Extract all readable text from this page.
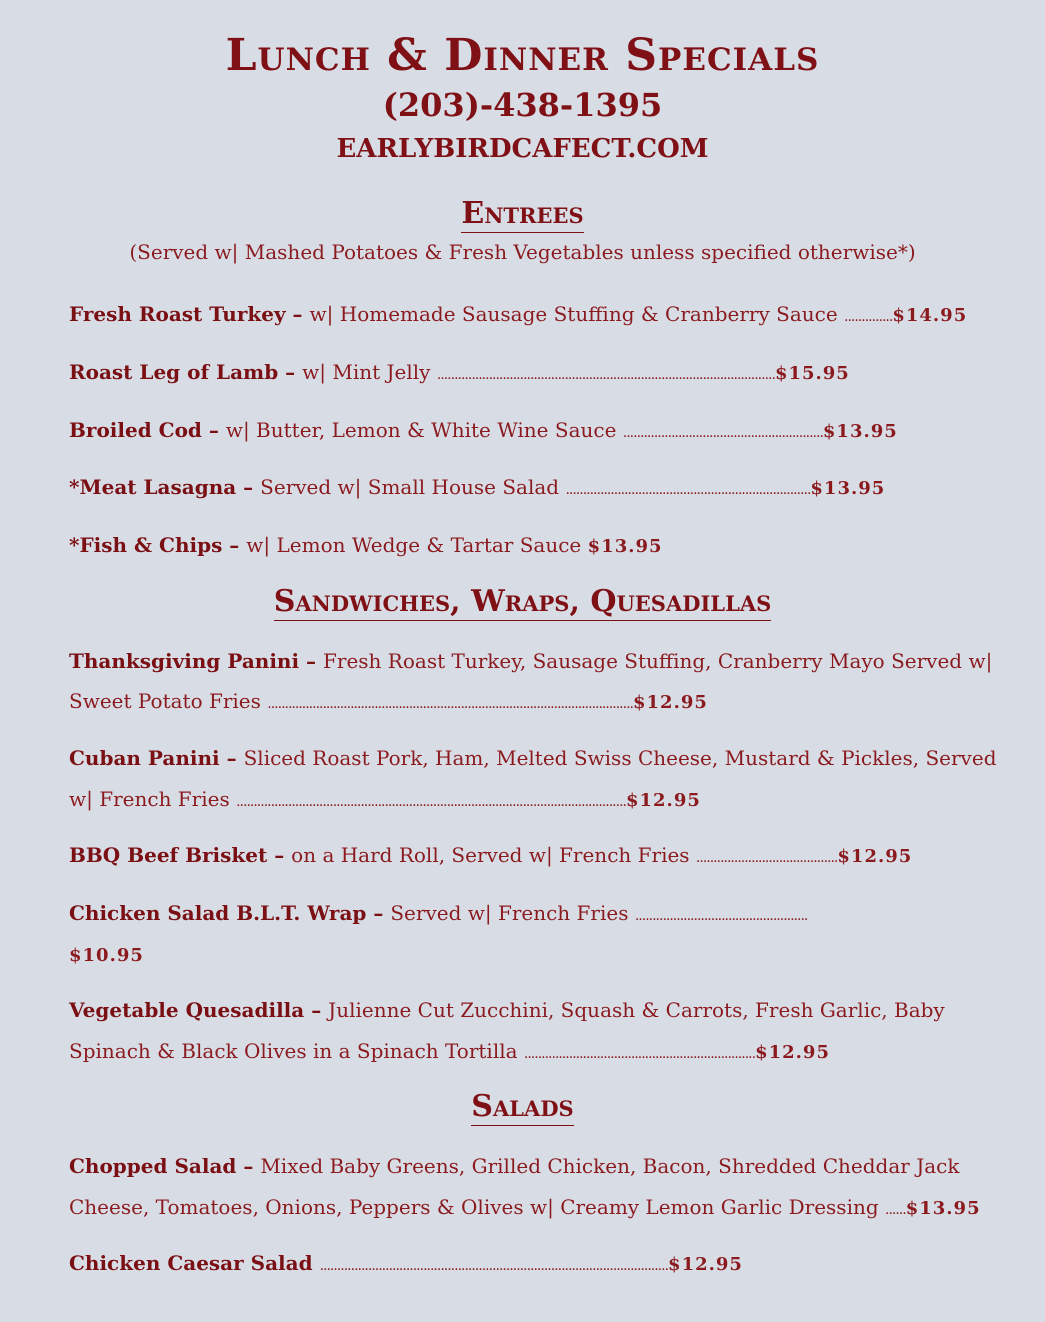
Lunch & Dinner Specials
(203)-438-1395
EARLYBIRDCAFECT.COM
Entrees
(Served w| Mashed Potatoes & Fresh Vegetables unless specified otherwise*)
Fresh Roast Turkey – w| Homemade Sausage Stuffing & Cranberry Sauce ..............$14.95
Roast Leg of Lamb – w| Mint Jelly ..................................................................................................$15.95
Broiled Cod – w| Butter, Lemon & White Wine Sauce ..........................................................$13.95
*Meat Lasagna – Served w| Small House Salad .......................................................................$13.95
*Fish & Chips – w| Lemon Wedge & Tartar Sauce $13.95
Sandwiches, Wraps, Quesadillas
Thanksgiving Panini – Fresh Roast Turkey, Sausage Stuffing, Cranberry Mayo Served w|
Sweet Potato Fries ..........................................................................................................$12.95
Cuban Panini – Sliced Roast Pork, Ham, Melted Swiss Cheese, Mustard & Pickles, Served
w| French Fries .................................................................................................................$12.95
BBQ Beef Brisket – on a Hard Roll, Served w| French Fries .........................................$12.95
Chicken Salad B.L.T. Wrap – Served w| French Fries ..................................................
$10.95
Vegetable Quesadilla – Julienne Cut Zucchini, Squash & Carrots, Fresh Garlic, Baby
Spinach & Black Olives in a Spinach Tortilla ...................................................................$12.95
Salads
Chopped Salad – Mixed Baby Greens, Grilled Chicken, Bacon, Shredded Cheddar Jack
Cheese, Tomatoes, Onions, Peppers & Olives w| Creamy Lemon Garlic Dressing ......$13.95
Chicken Caesar Salad .....................................................................................................$12.95
